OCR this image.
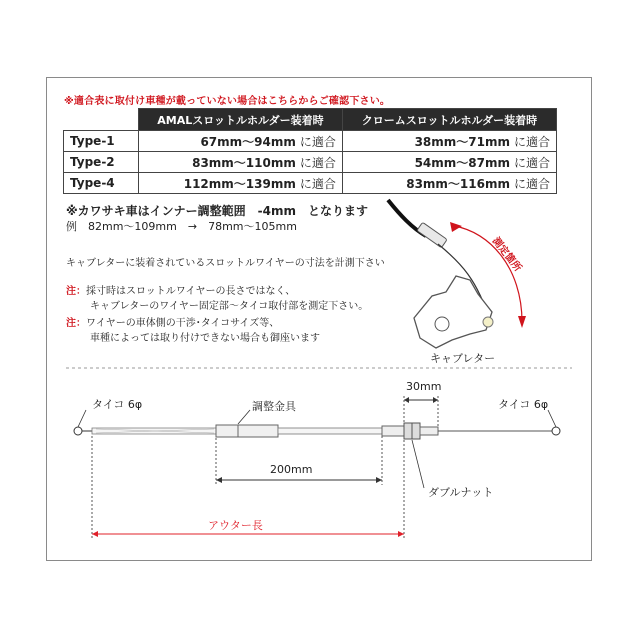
※適合表に取付け車種が載っていない場合はこちらからご確認下さい。
	AMALスロットルホルダー装着時	クロームスロットルホルダー装着時
Type-1	67mm〜94mm に適合	38mm〜71mm に適合
Type-2	83mm〜110mm に適合	54mm〜87mm に適合
Type-4	112mm〜139mm に適合	83mm〜116mm に適合
※カワサキ車はインナー調整範囲　-4mm　となります
例　82mm〜109mm　→　78mm〜105mm
キャブレターに装着されているスロットルワイヤーの寸法を計測下さい
注：採寸時はスロットルワイヤーの長さではなく、
キャブレターのワイヤー固定部〜タイコ取付部を測定下さい。
注：ワイヤーの車体側の干渉･タイコサイズ等、
車種によっては取り付けできない場合も御座います
測定箇所
キャブレター
タイコ 6φ	タイコ 6φ
調整金具
30mm
200mm
ダブルナット
アウター長
